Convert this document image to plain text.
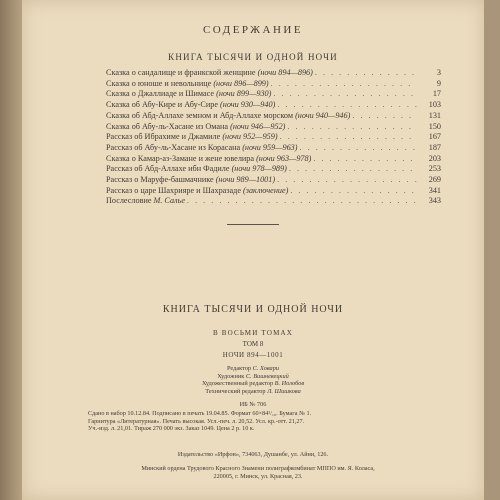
СОДЕРЖАНИЕ
КНИГА ТЫСЯЧИ И ОДНОЙ НОЧИ
Сказка о сандалище и франкской женщине (ночи 894—896) . . .	3
Сказка о юноше и невольнице (ночи 896—899) . . .	9
Сказка о Джаллиаде и Шимасе (ночи 899—930) . . .	17
Сказка об Абу-Кире и Абу-Сире (ночи 930—940) . . .	103
Сказка об Абд-Аллахе земном и Абд-Аллахе морском (ночи 940—946) . . .	131
Сказка об Абу-ль-Хасане из Омана (ночи 946—952) . . .	150
Рассказ об Ибрахиме и Джамиле (ночи 952—959) . . .	167
Рассказ об Абу-ль-Хасане из Корасана (ночи 959—963) . . .	187
Сказка о Камар-аз-Замане и жене ювелира (ночи 963—978) . . .	203
Рассказ об Абд-Аллахе ибн Фадиле (ночи 978—989) . . .	253
Рассказ о Маруфе-башмачнике (ночи 989—1001) . . .	269
Рассказ о царе Шахрияре и Шахразаде (заключение) . . .	341
Послесловие М. Салье . . .	343
КНИГА ТЫСЯЧИ И ОДНОЙ НОЧИ
В ВОСЬМИ ТОМАХ
ТОМ 8
НОЧИ 894—1001
Редактор С. Ховари
Художник С. Вишневецкий
Художественный редактор В. Иолобов
Технический редактор Л. Шишкова
ИБ № 706
Сдано в набор 10.12.84. Подписано в печать 19.04.85. Формат 60×84¹/₁₆. Бумага № 1.
Гарнитура «Литературная». Печать высокая. Усл.-печ. л. 20,52. Усл. кр.-отт. 21,27.
Уч.-изд. л. 21,01. Тираж 270 000 экз. Заказ 1049. Цена 2 р. 10 к.
Издательство «Ирфон», 734063, Душанбе, ул. Айни, 126.
Минский ордена Трудового Красного Знамени полиграфкомбинат МППО им. Я. Коласа,
220005, г. Минск, ул. Красная, 23.
